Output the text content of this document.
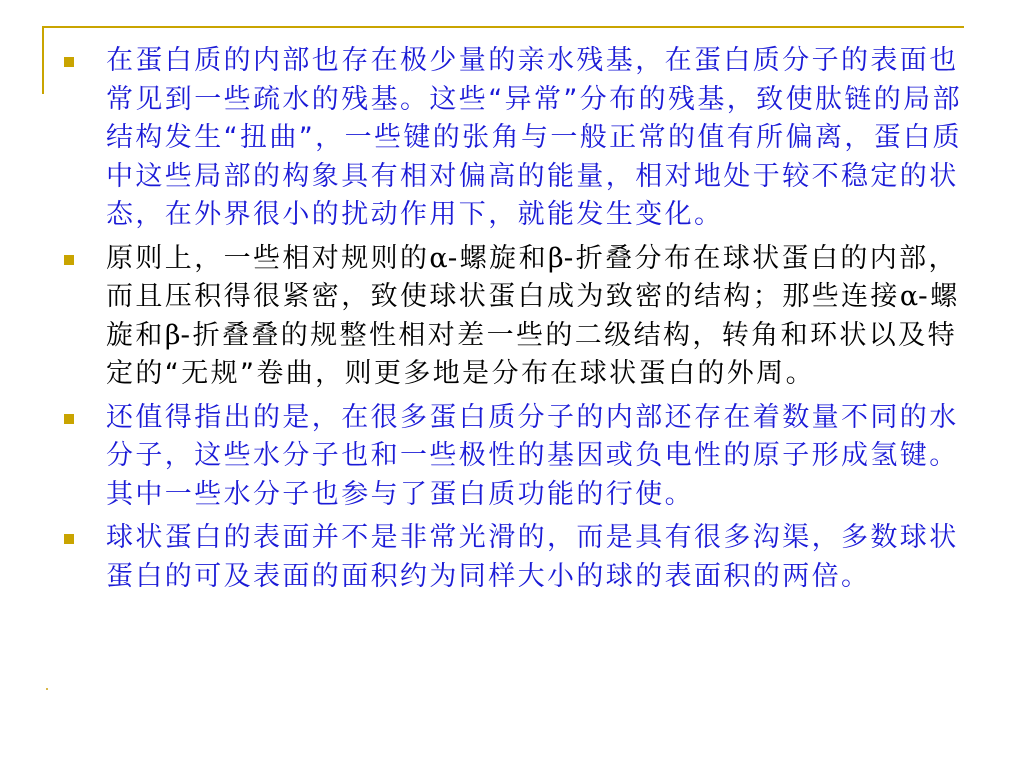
在蛋白质的内部也存在极少量的亲水残基，在蛋白质分子的表面也常见到一些疏水的残基。这些“异常”分布的残基，致使肽链的局部结构发生“扭曲”，一些键的张角与一般正常的值有所偏离，蛋白质中这些局部的构象具有相对偏高的能量，相对地处于较不稳定的状态，在外界很小的扰动作用下，就能发生变化。

原则上，一些相对规则的α-螺旋和β-折叠分布在球状蛋白的内部，而且压积得很紧密，致使球状蛋白成为致密的结构；那些连接α-螺旋和β-折叠叠的规整性相对差一些的二级结构，转角和环状以及特定的“无规”卷曲，则更多地是分布在球状蛋白的外周。

还值得指出的是，在很多蛋白质分子的内部还存在着数量不同的水分子，这些水分子也和一些极性的基因或负电性的原子形成氢键。其中一些水分子也参与了蛋白质功能的行使。

球状蛋白的表面并不是非常光滑的，而是具有很多沟渠，多数球状蛋白的可及表面的面积约为同样大小的球的表面积的两倍。
